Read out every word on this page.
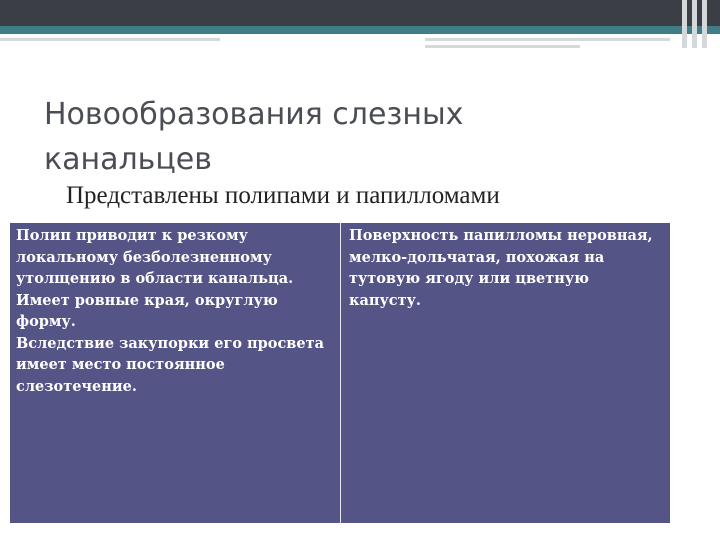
Новообразования слезных
канальцев
Представлены полипами и папилломами

Полип приводит к резкому локальному безболезненному утолщению в области канальца. Имеет ровные края, округлую форму.

Вследствие закупорки его просвета имеет место постоянное слезотечение.

Поверхность папилломы неровная, мелко-дольчатая, похожая на тутовую ягоду или цветную капусту.
